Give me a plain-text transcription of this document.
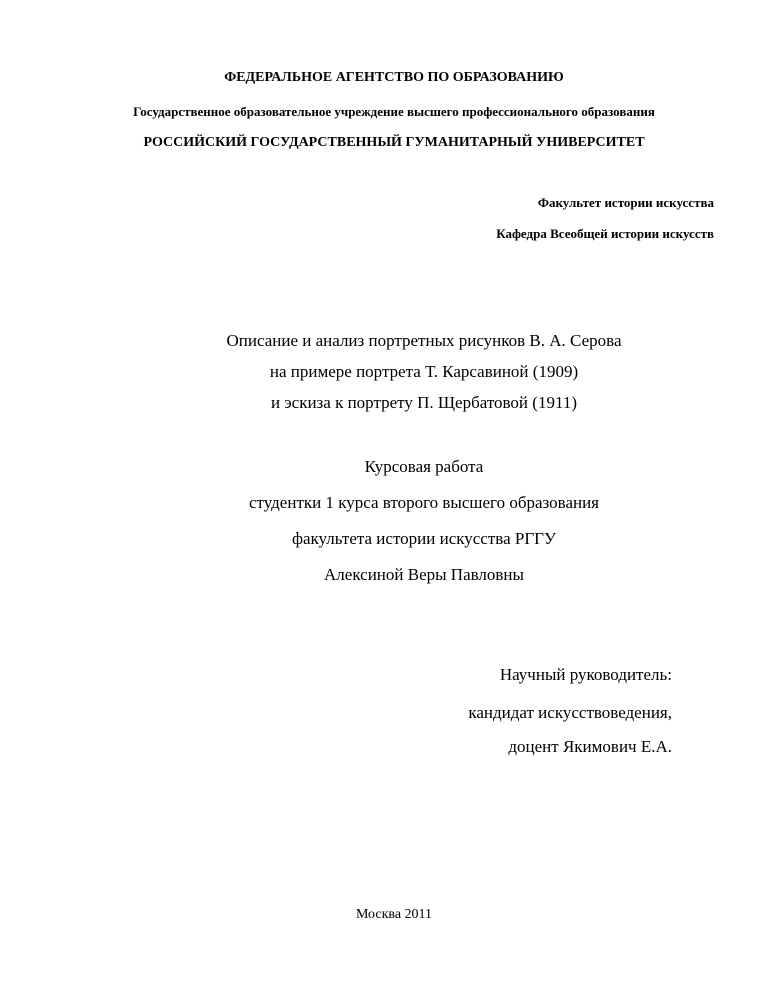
ФЕДЕРАЛЬНОЕ АГЕНТСТВО ПО ОБРАЗОВАНИЮ
Государственное образовательное учреждение высшего профессионального образования
РОССИЙСКИЙ ГОСУДАРСТВЕННЫЙ ГУМАНИТАРНЫЙ УНИВЕРСИТЕТ
Факультет истории искусства
Кафедра Всеобщей истории искусств
Описание и анализ портретных рисунков В. А. Серова
на примере портрета Т. Карсавиной (1909)
и эскиза к портрету П. Щербатовой (1911)
Курсовая работа
студентки 1 курса второго высшего образования
факультета истории искусства РГГУ
Алексиной Веры Павловны
Научный руководитель:
кандидат искусствоведения,
доцент Якимович Е.А.
Москва 2011
